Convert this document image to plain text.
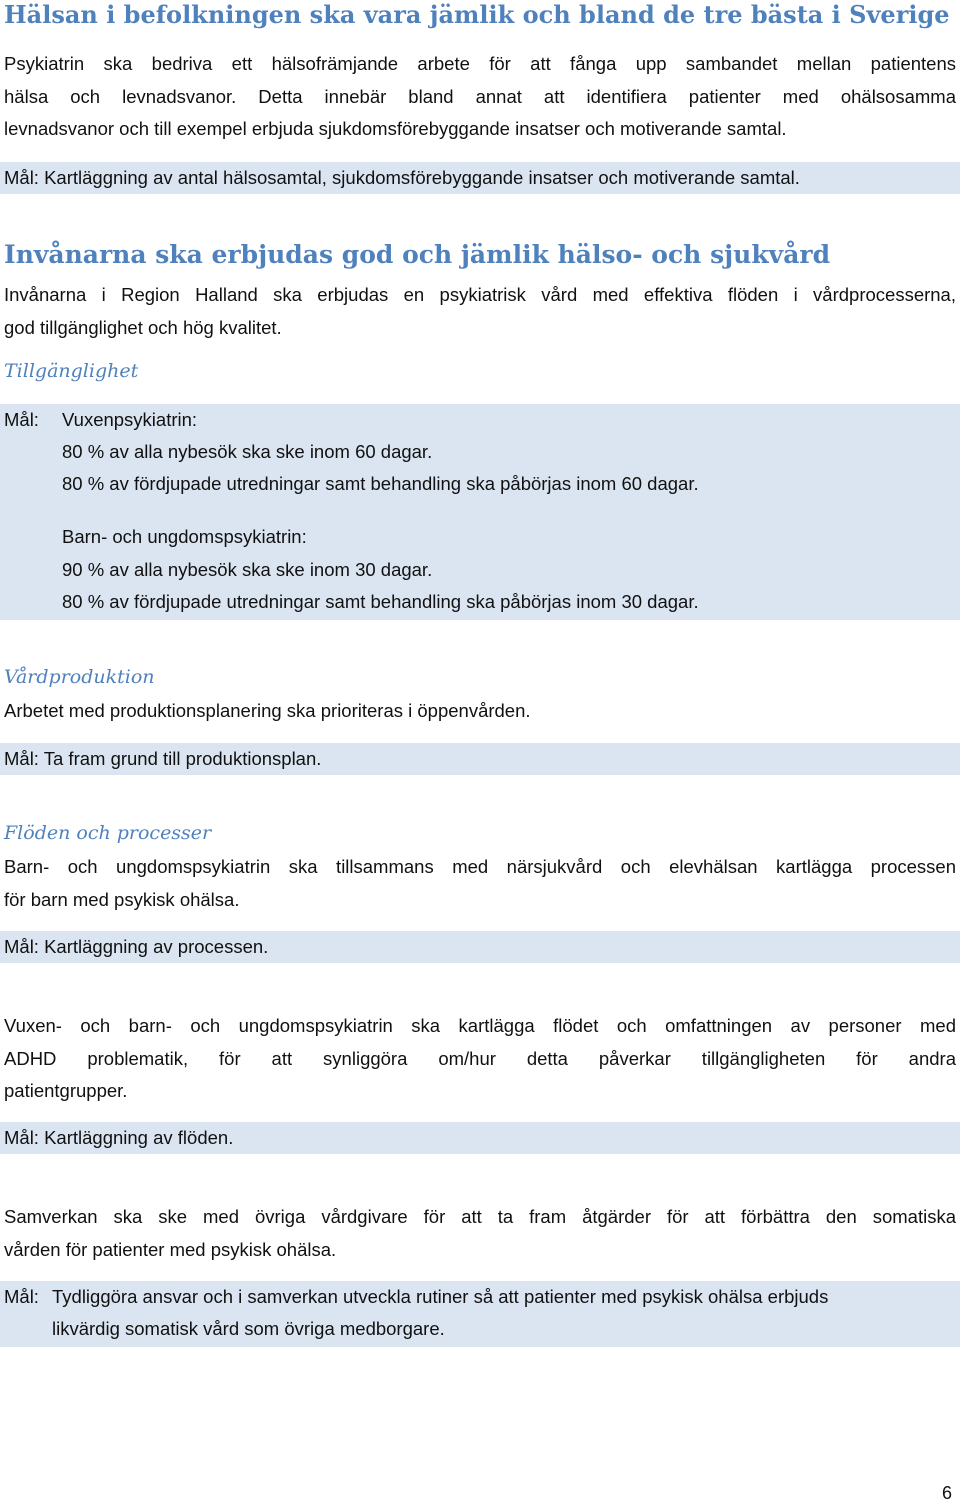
Hälsan i befolkningen ska vara jämlik och bland de tre bästa i Sverige
Psykiatrin ska bedriva ett hälsofrämjande arbete för att fånga upp sambandet mellan patientens
hälsa och levnadsvanor. Detta innebär bland annat att identifiera patienter med ohälsosamma
levnadsvanor och till exempel erbjuda sjukdomsförebyggande insatser och motiverande samtal.
Mål: Kartläggning av antal hälsosamtal, sjukdomsförebyggande insatser och motiverande samtal.
Invånarna ska erbjudas god och jämlik hälso- och sjukvård
Invånarna i Region Halland ska erbjudas en psykiatrisk vård med effektiva flöden i vårdprocesserna,
god tillgänglighet och hög kvalitet.
Tillgänglighet
Mål: Vuxenpsykiatrin:
80 % av alla nybesök ska ske inom 60 dagar.
80 % av fördjupade utredningar samt behandling ska påbörjas inom 60 dagar.
Barn- och ungdomspsykiatrin:
90 % av alla nybesök ska ske inom 30 dagar.
80 % av fördjupade utredningar samt behandling ska påbörjas inom 30 dagar.
Vårdproduktion
Arbetet med produktionsplanering ska prioriteras i öppenvården.
Mål: Ta fram grund till produktionsplan.
Flöden och processer
Barn- och ungdomspsykiatrin ska tillsammans med närsjukvård och elevhälsan kartlägga processen
för barn med psykisk ohälsa.
Mål: Kartläggning av processen.
Vuxen- och barn- och ungdomspsykiatrin ska kartlägga flödet och omfattningen av personer med
ADHD problematik, för att synliggöra om/hur detta påverkar tillgängligheten för andra
patientgrupper.
Mål: Kartläggning av flöden.
Samverkan ska ske med övriga vårdgivare för att ta fram åtgärder för att förbättra den somatiska
vården för patienter med psykisk ohälsa.
Mål: Tydliggöra ansvar och i samverkan utveckla rutiner så att patienter med psykisk ohälsa erbjuds
likvärdig somatisk vård som övriga medborgare.
6
